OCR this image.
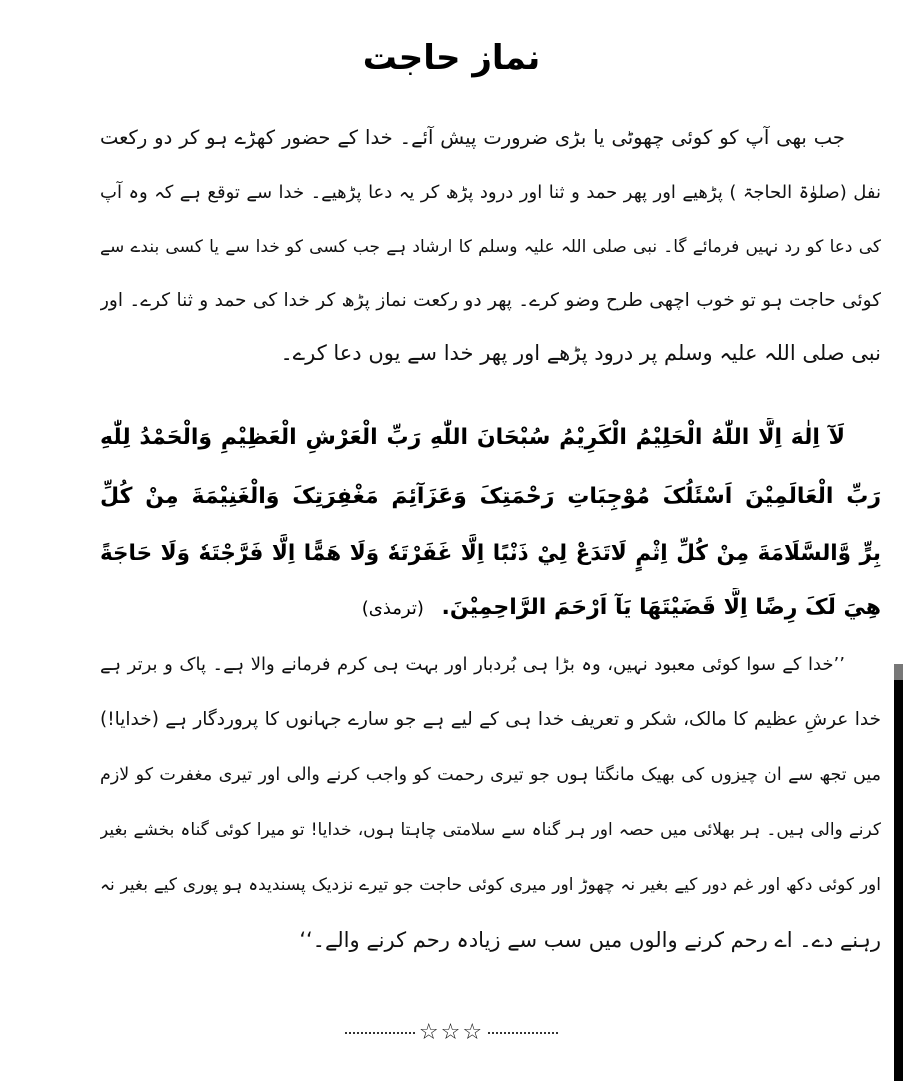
نماز حاجت
جب بھی آپ کو کوئی چھوٹی یا بڑی ضرورت پیش آئے۔ خدا کے حضور کھڑے ہو کر دو رکعت
نفل (صلوٰۃ الحاجۃ ) پڑھیے اور پھر حمد و ثنا اور درود پڑھ کر یہ دعا پڑھیے۔ خدا سے توقع ہے کہ وہ آپ
کی دعا کو رد نہیں فرمائے گا۔ نبی صلی اللہ علیہ وسلم کا ارشاد ہے جب کسی کو خدا سے یا کسی بندے سے
کوئی حاجت ہو تو خوب اچھی طرح وضو کرے۔ پھر دو رکعت نماز پڑھ کر خدا کی حمد و ثنا کرے۔ اور
نبی صلی اللہ علیہ وسلم پر درود پڑھے اور پھر خدا سے یوں دعا کرے۔
لَآ اِلٰهَ اِلَّا اللّٰهُ الْحَلِيْمُ الْكَرِيْمُ سُبْحَانَ اللّٰهِ رَبِّ الْعَرْشِ الْعَظِيْمِ وَالْحَمْدُ لِلّٰهِ
رَبِّ الْعَالَمِيْنَ اَسْئَلُکَ مُوْجِبَاتِ رَحْمَتِکَ وَعَزَآئِمَ مَغْفِرَتِکَ وَالْغَنِيْمَةَ مِنْ كُلِّ
بِرٍّ وَّالسَّلَامَةَ مِنْ كُلِّ اِثْمٍ لَاتَدَعْ لِيْ ذَنْبًا اِلَّا غَفَرْتَهٗ وَلَا هَمًّا اِلَّا فَرَّجْتَهٗ وَلَا حَاجَةً
هِيَ لَکَ رِضًا اِلَّا قَضَيْتَهَا يَآ اَرْحَمَ الرَّاحِمِيْنَ. (ترمذی)
’’خدا کے سوا کوئی معبود نہیں، وہ بڑا ہی بُردبار اور بہت ہی کرم فرمانے والا ہے۔ پاک و برتر ہے
خدا عرشِ عظیم کا مالک، شکر و تعریف خدا ہی کے لیے ہے جو سارے جہانوں کا پروردگار ہے (خدایا!)
میں تجھ سے ان چیزوں کی بھیک مانگتا ہوں جو تیری رحمت کو واجب کرنے والی اور تیری مغفرت کو لازم
کرنے والی ہیں۔ ہر بھلائی میں حصہ اور ہر گناہ سے سلامتی چاہتا ہوں، خدایا! تو میرا کوئی گناہ بخشے بغیر
اور کوئی دکھ اور غم دور کیے بغیر نہ چھوڑ اور میری کوئی حاجت جو تیرے نزدیک پسندیدہ ہو پوری کیے بغیر نہ
رہنے دے۔ اے رحم کرنے والوں میں سب سے زیادہ رحم کرنے والے۔‘‘
☆☆☆
